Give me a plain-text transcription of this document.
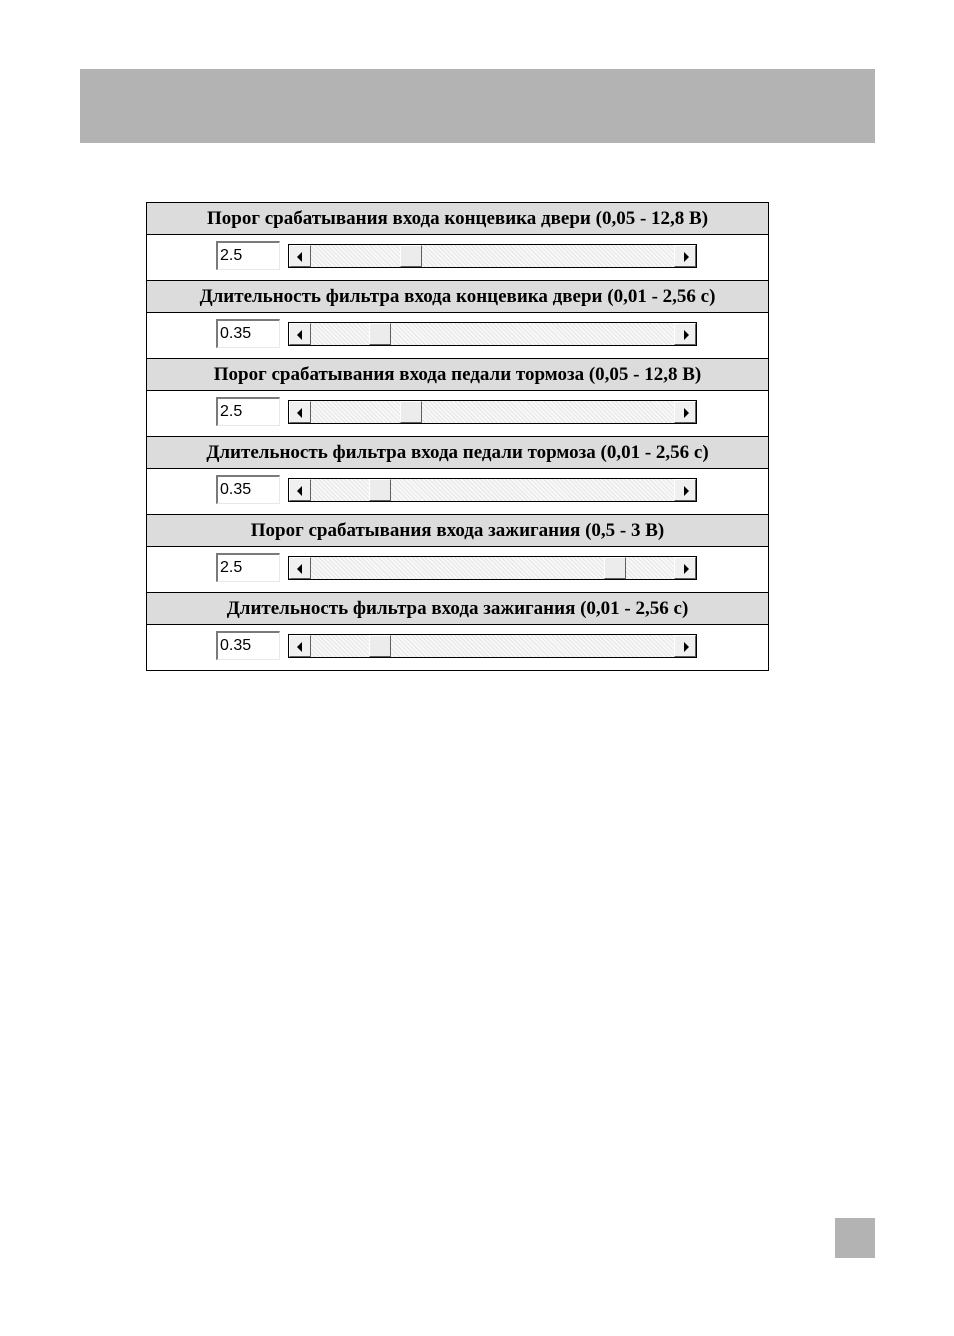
Порог срабатывания входа концевика двери (0,05 - 12,8 В)
2.5
Длительность фильтра входа концевика двери (0,01 - 2,56 с)
0.35
Порог срабатывания входа педали тормоза (0,05 - 12,8 В)
2.5
Длительность фильтра входа педали тормоза (0,01 - 2,56 с)
0.35
Порог срабатывания входа зажигания (0,5 - 3 В)
2.5
Длительность фильтра входа зажигания (0,01 - 2,56 с)
0.35
